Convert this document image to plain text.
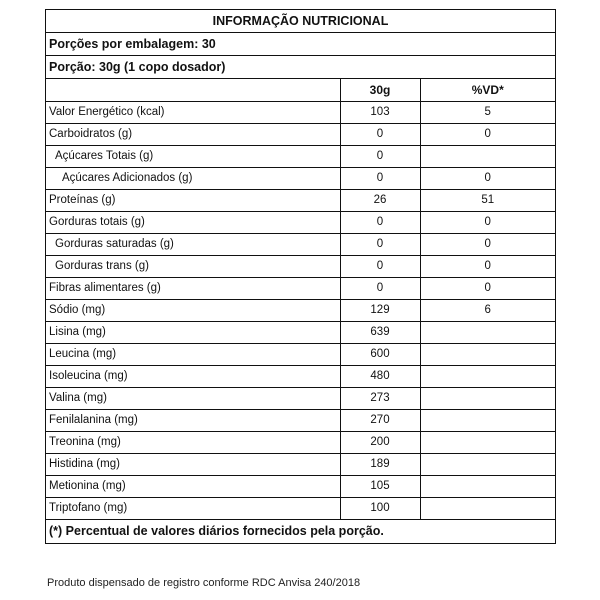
INFORMAÇÃO NUTRICIONAL
Porções por embalagem: 30
Porção: 30g (1 copo dosador)
	30g	%VD*
Valor Energético (kcal)	103	5
Carboidratos (g)	0	0
Açúcares Totais (g)	0	
Açúcares Adicionados (g)	0	0
Proteínas (g)	26	51
Gorduras totais (g)	0	0
Gorduras saturadas (g)	0	0
Gorduras trans (g)	0	0
Fibras alimentares (g)	0	0
Sódio (mg)	129	6
Lisina (mg)	639	
Leucina (mg)	600	
Isoleucina (mg)	480	
Valina (mg)	273	
Fenilalanina (mg)	270	
Treonina (mg)	200	
Histidina (mg)	189	
Metionina (mg)	105	
Triptofano (mg)	100	
(*) Percentual de valores diários fornecidos pela porção.
Produto dispensado de registro conforme RDC Anvisa 240/2018
